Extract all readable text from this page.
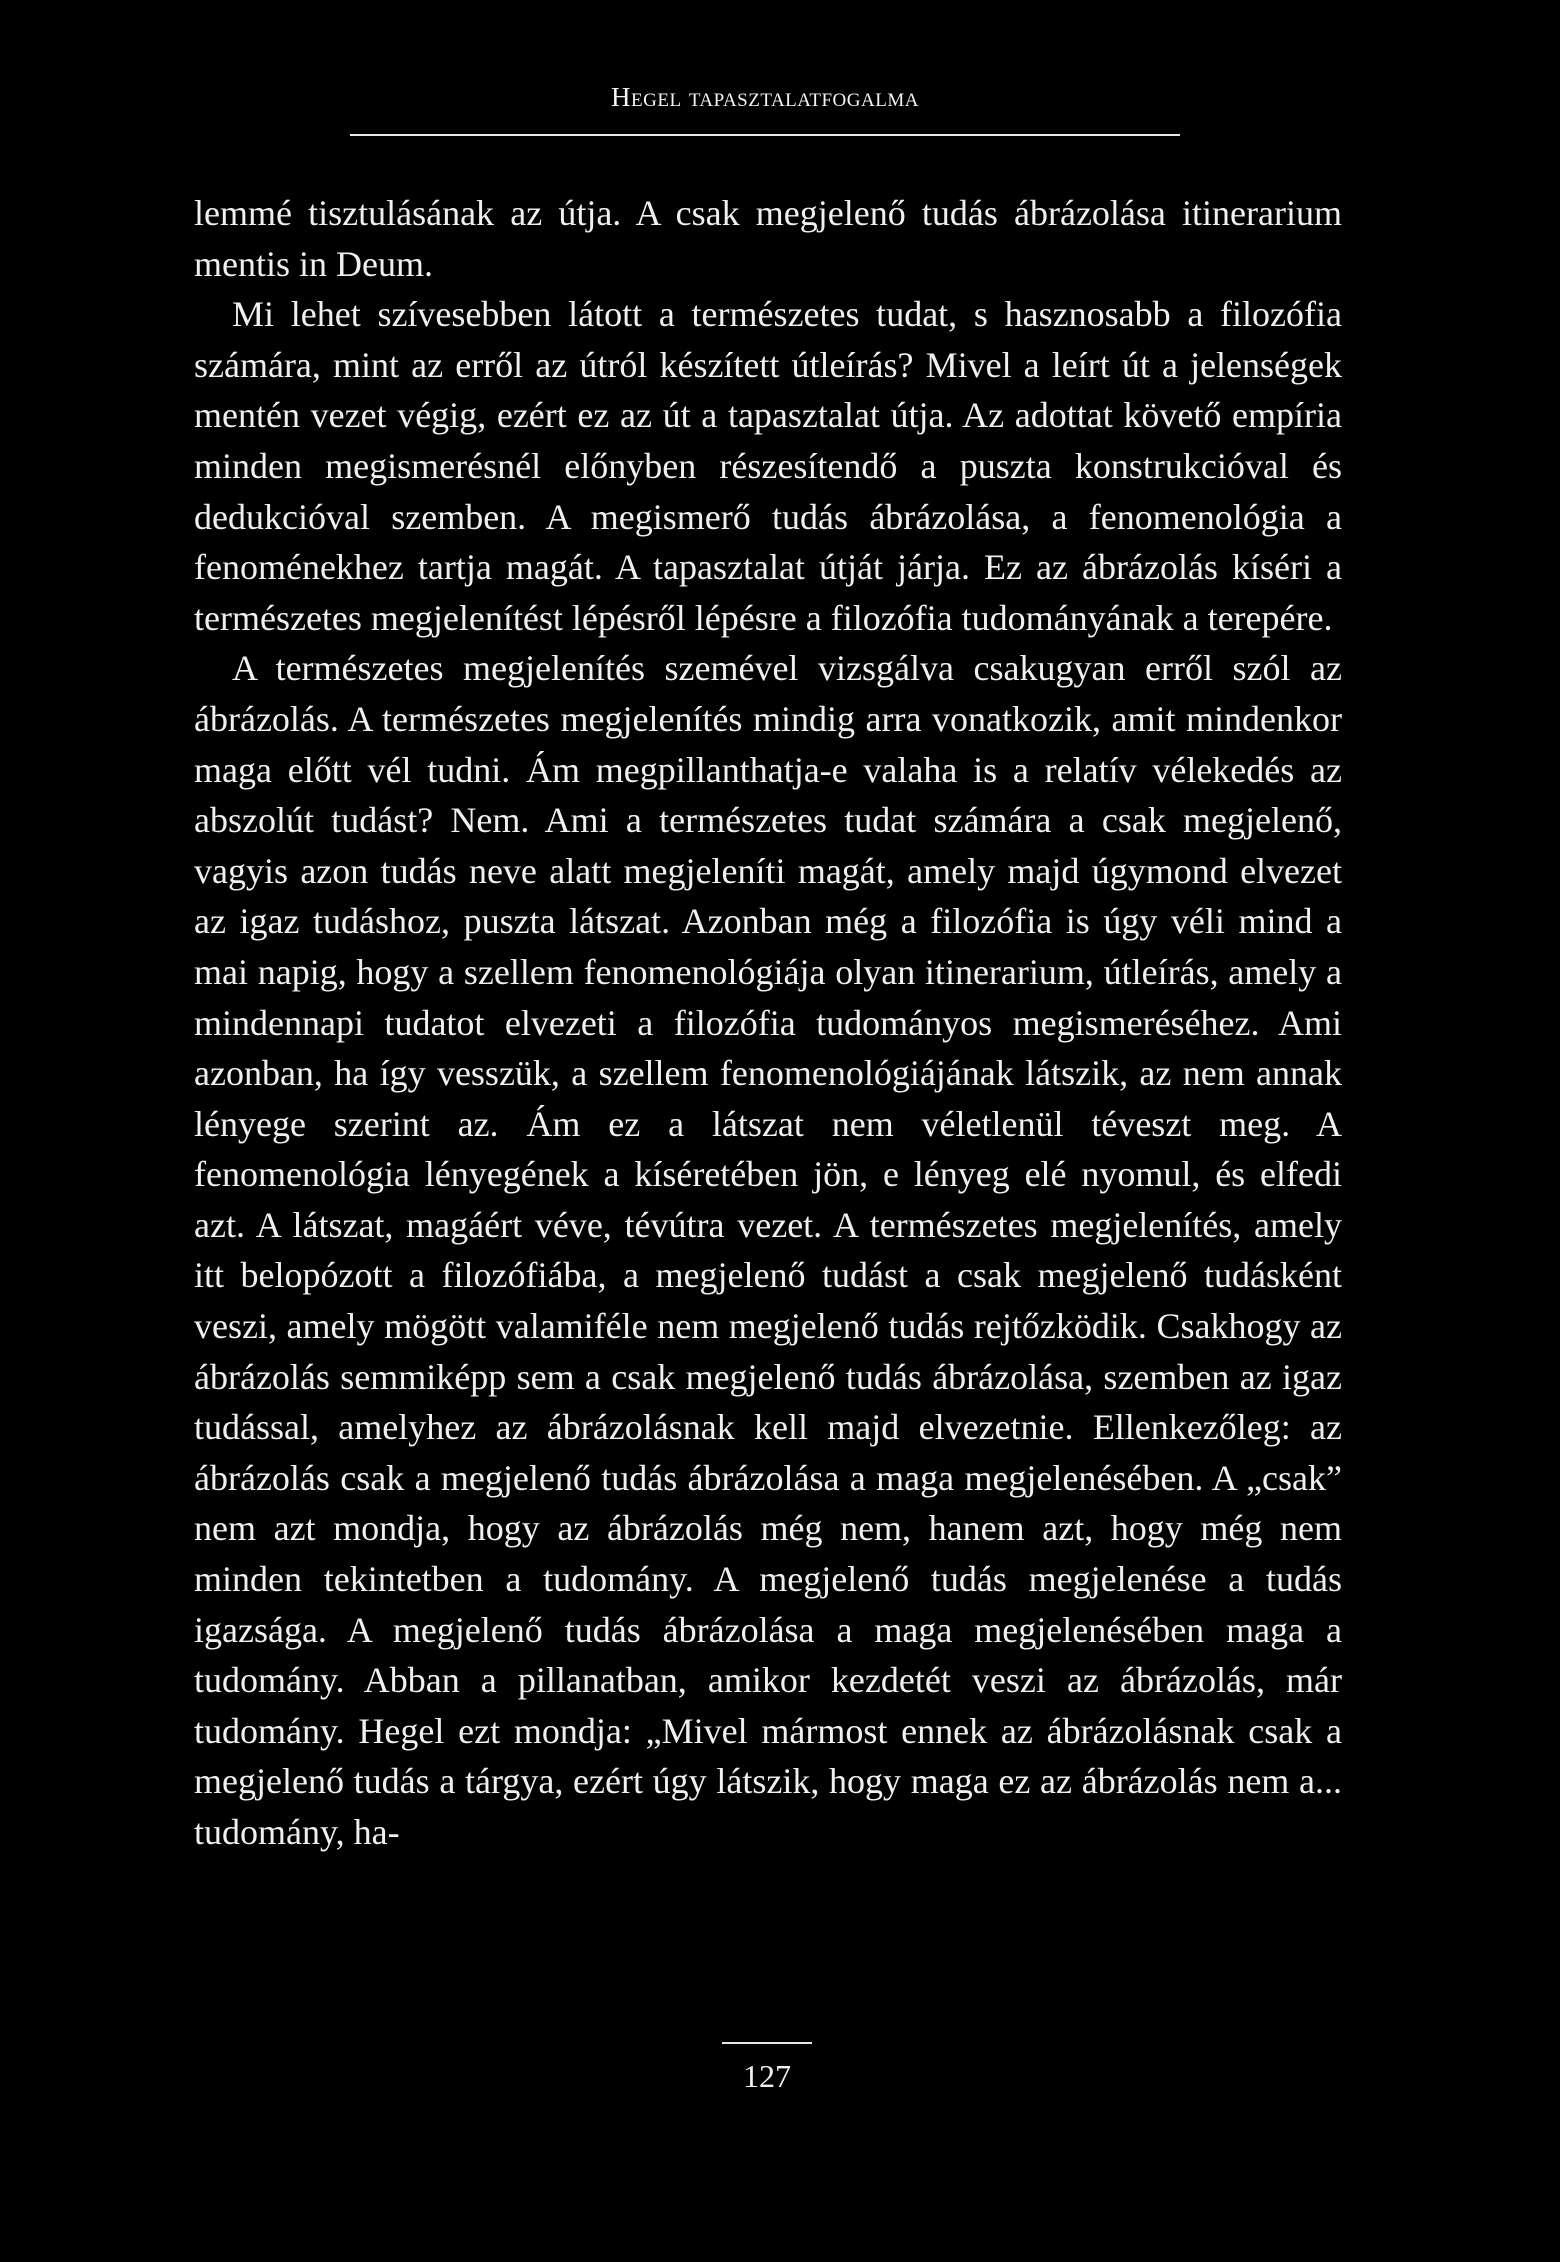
Hegel tapasztalatfogalma

lemmé tisztulásának az útja. A csak megjelenő tudás ábrázolása itinerarium mentis in Deum.

Mi lehet szívesebben látott a természetes tudat, s hasznosabb a filozófia számára, mint az erről az útról készített útleírás? Mivel a leírt út a jelenségek mentén vezet végig, ezért ez az út a tapasztalat útja. Az adottat követő empíria minden megismerésnél előnyben részesítendő a puszta konstrukcióval és dedukcióval szemben. A megismerő tudás ábrázolása, a fenomenológia a fenoménekhez tartja magát. A tapasztalat útját járja. Ez az ábrázolás kíséri a természetes megjelenítést lépésről lépésre a filozófia tudományának a terepére.

A természetes megjelenítés szemével vizsgálva csakugyan erről szól az ábrázolás. A természetes megjelenítés mindig arra vonatkozik, amit mindenkor maga előtt vél tudni. Ám megpillanthatja-e valaha is a relatív vélekedés az abszolút tudást? Nem. Ami a természetes tudat számára a csak megjelenő, vagyis azon tudás neve alatt megjeleníti magát, amely majd úgymond elvezet az igaz tudáshoz, puszta látszat. Azonban még a filozófia is úgy véli mind a mai napig, hogy a szellem fenomenológiája olyan itinerarium, útleírás, amely a mindennapi tudatot elvezeti a filozófia tudományos megismeréséhez. Ami azonban, ha így vesszük, a szellem fenomenológiájának látszik, az nem annak lényege szerint az. Ám ez a látszat nem véletlenül téveszt meg. A fenomenológia lényegének a kíséretében jön, e lényeg elé nyomul, és elfedi azt. A látszat, magáért véve, tévútra vezet. A természetes megjelenítés, amely itt belopózott a filozófiába, a megjelenő tudást a csak megjelenő tudásként veszi, amely mögött valamiféle nem megjelenő tudás rejtőzködik. Csakhogy az ábrázolás semmiképp sem a csak megjelenő tudás ábrázolása, szemben az igaz tudással, amelyhez az ábrázolásnak kell majd elvezetnie. Ellenkezőleg: az ábrázolás csak a megjelenő tudás ábrázolása a maga megjelenésében. A „csak” nem azt mondja, hogy az ábrázolás még nem, hanem azt, hogy még nem minden tekintetben a tudomány. A megjelenő tudás megjelenése a tudás igazsága. A megjelenő tudás ábrázolása a maga megjelenésében maga a tudomány. Abban a pillanatban, amikor kezdetét veszi az ábrázolás, már tudomány. Hegel ezt mondja: „Mivel mármost ennek az ábrázolásnak csak a megjelenő tudás a tárgya, ezért úgy látszik, hogy maga ez az ábrázolás nem a... tudomány, ha-

127
